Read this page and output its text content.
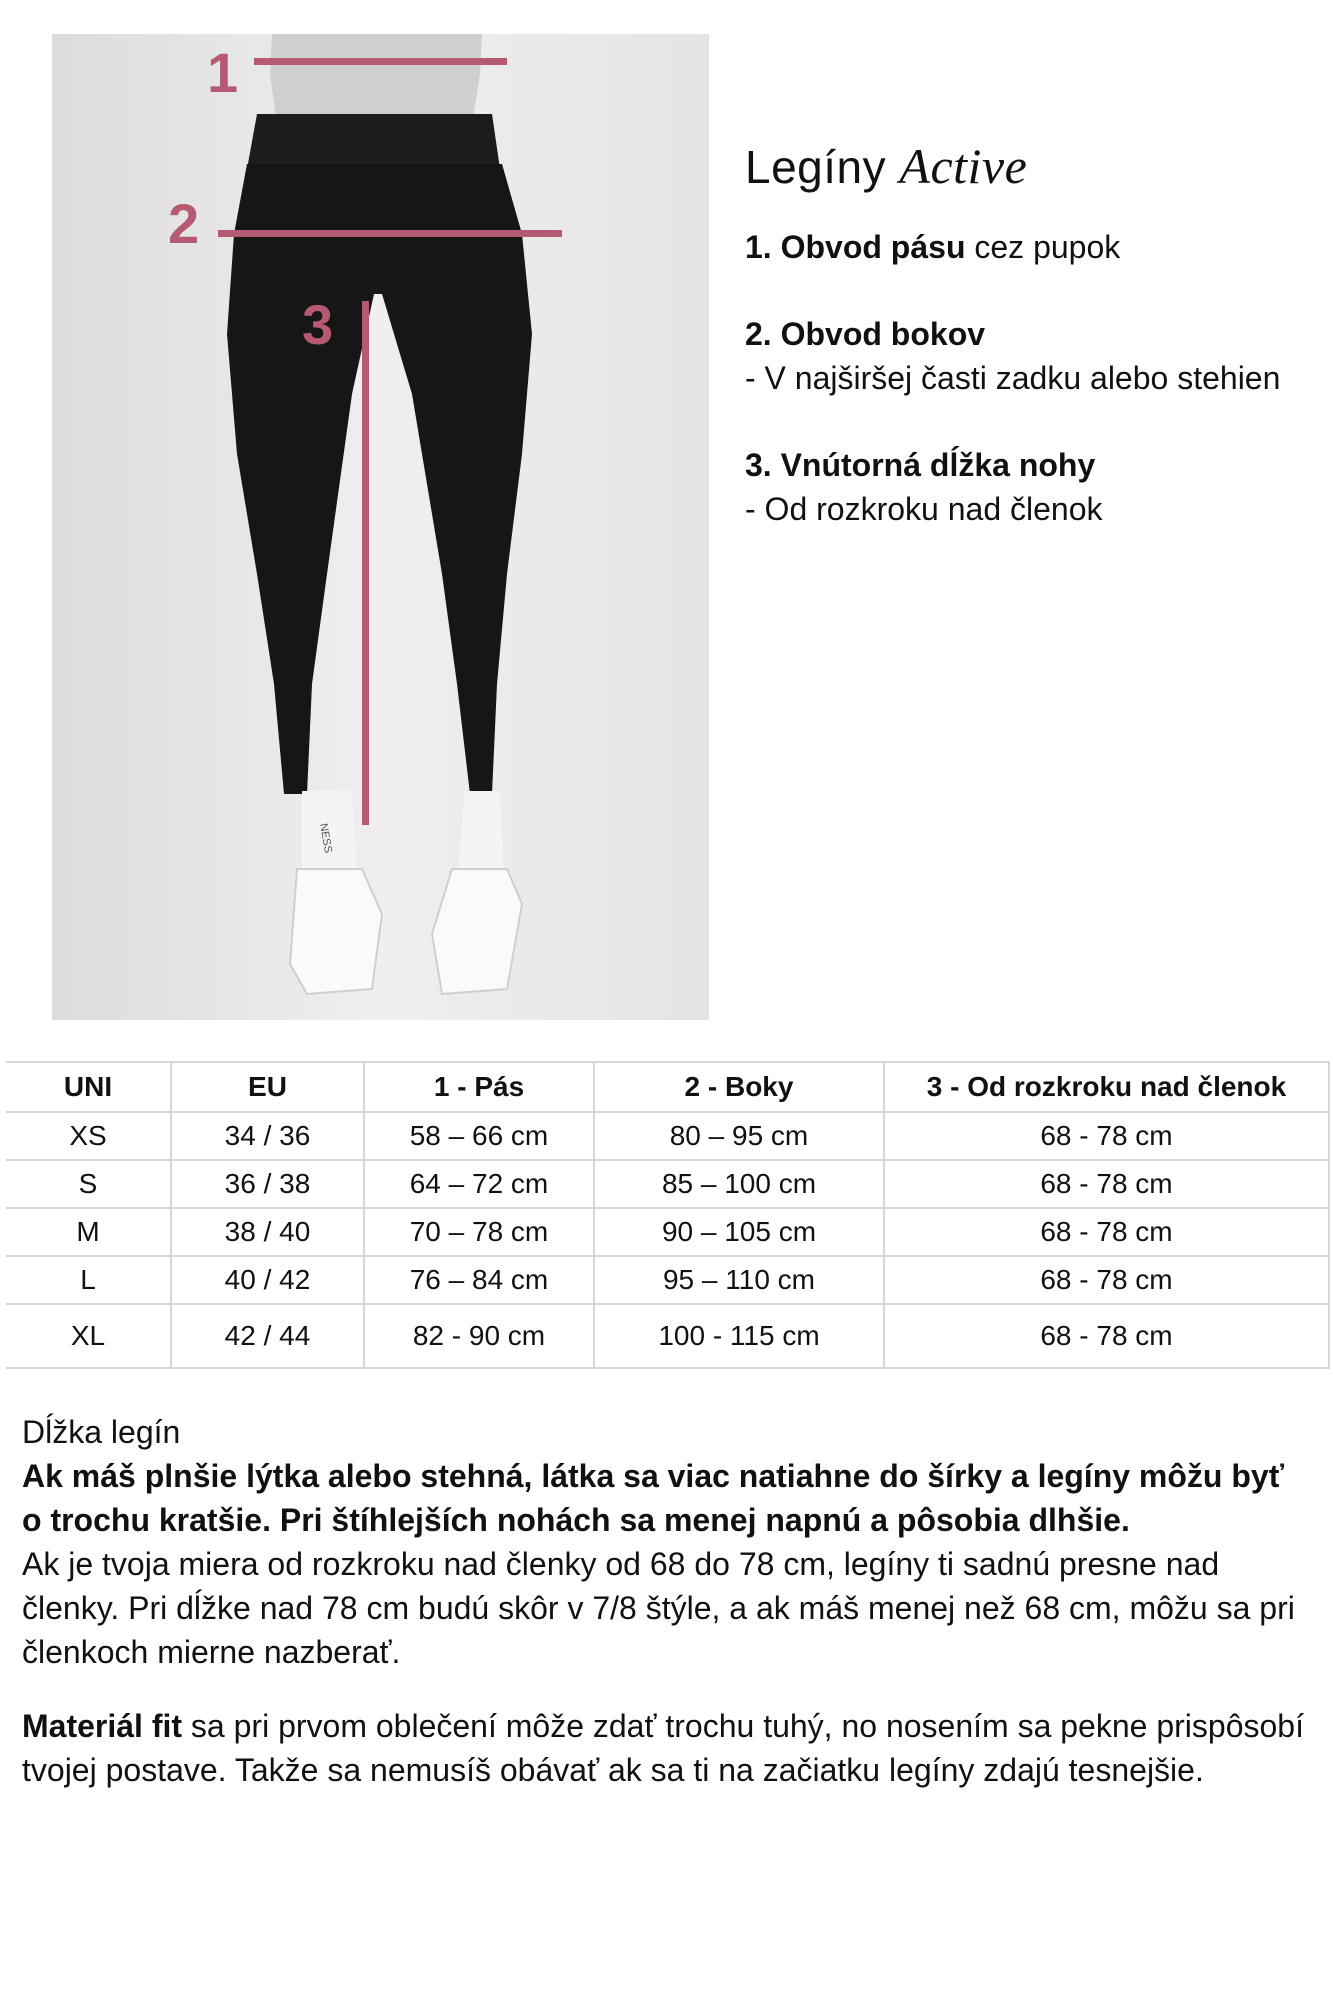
NESS
1
2
3
Legíny Active
1. Obvod pásu cez pupok
2. Obvod bokov
- V najširšej časti zadku alebo stehien
3. Vnútorná dĺžka nohy
- Od rozkroku nad členok
UNI	EU	1 - Pás	2 - Boky	3 - Od rozkroku nad členok
XS	34 / 36	58 – 66 cm	80 – 95 cm	68 - 78 cm
S	36 / 38	64 – 72 cm	85 – 100 cm	68 - 78 cm
M	38 / 40	70 – 78 cm	90 – 105 cm	68 - 78 cm
L	40 / 42	76 – 84 cm	95 – 110 cm	68 - 78 cm
XL	42 / 44	82 - 90 cm	100 - 115 cm	68 - 78 cm

Dĺžka legín

Ak máš plnšie lýtka alebo stehná, látka sa viac natiahne do šírky a legíny môžu byť o trochu kratšie. Pri štíhlejších nohách sa menej napnú a pôsobia dlhšie.

Ak je tvoja miera od rozkroku nad členky od 68 do 78 cm, legíny ti sadnú presne nad členky. Pri dĺžke nad 78 cm budú skôr v 7/8 štýle, a ak máš menej než 68 cm, môžu sa pri členkoch mierne nazberať.

Materiál fit sa pri prvom oblečení môže zdať trochu tuhý, no nosením sa pekne prispôsobí tvojej postave. Takže sa nemusíš obávať ak sa ti na začiatku legíny zdajú tesnejšie.
